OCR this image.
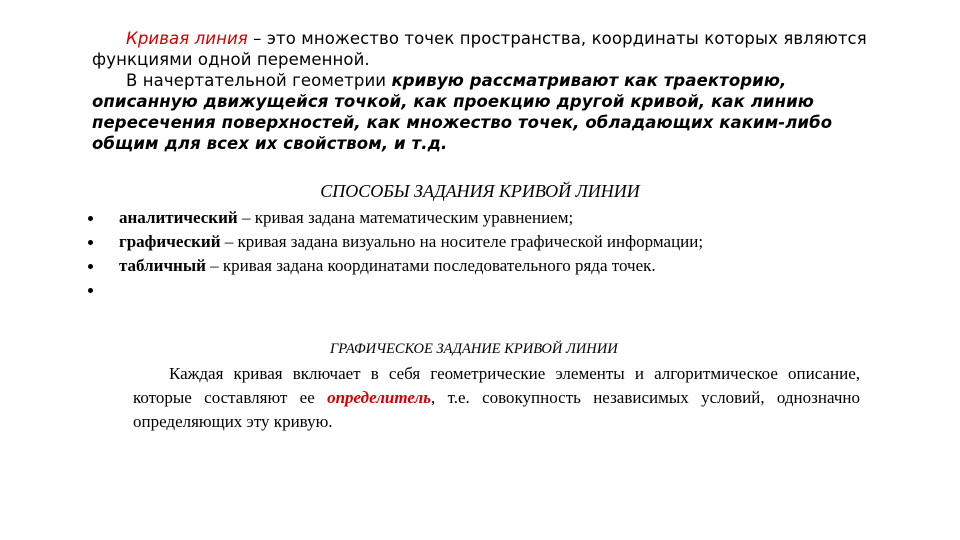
Кривая линия – это множество точек пространства, координаты которых являются функциями одной переменной.

В начертательной геометрии кривую рассматривают как траекторию, описанную движущейся точкой, как проекцию другой кривой, как линию пересечения поверхностей, как множество точек, обладающих каким-либо общим для всех их свойством, и т.д.

СПОСОБЫ ЗАДАНИЯ КРИВОЙ ЛИНИИ
аналитический – кривая задана математическим уравнением;
графический – кривая задана визуально на носителе графической информации;
табличный – кривая задана координатами последовательного ряда точек.
ГРАФИЧЕСКОЕ ЗАДАНИЕ КРИВОЙ ЛИНИИ

Каждая кривая включает в себя геометрические элементы и алгоритмическое описание, которые составляют ее определитель, т.е. совокупность независимых условий, однозначно определяющих эту кривую.
